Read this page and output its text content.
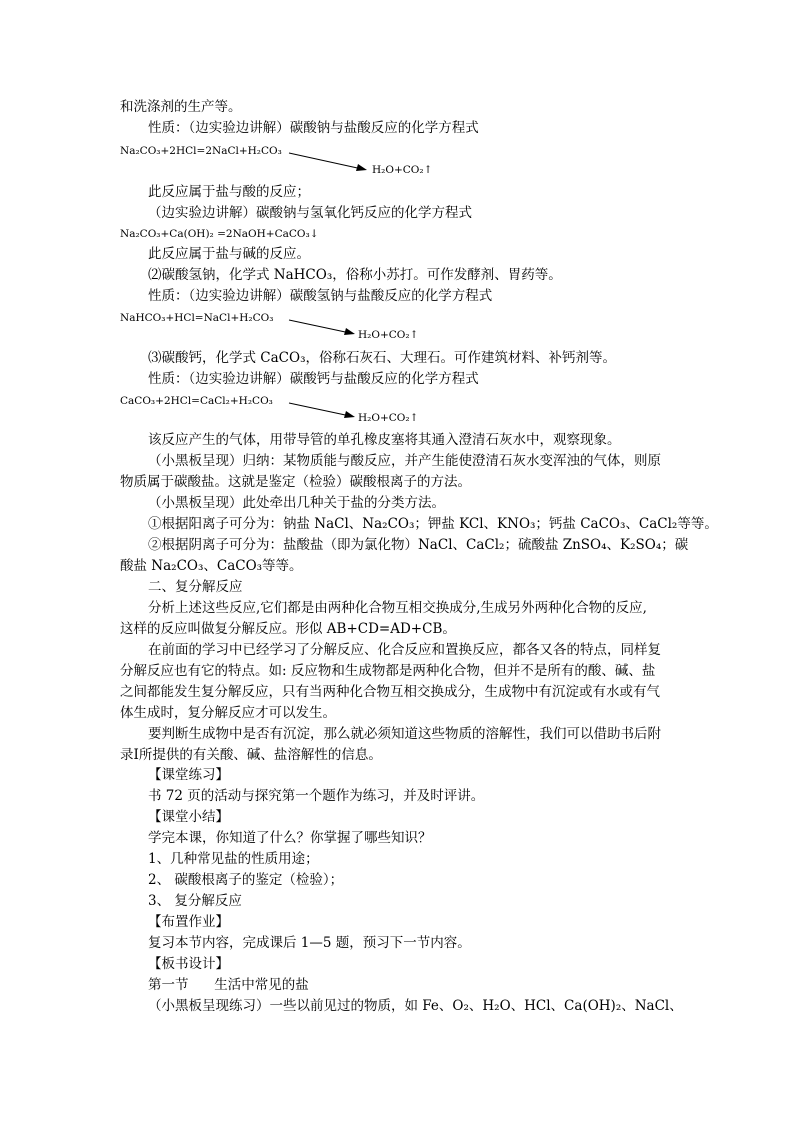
和洗涤剂的生产等。
性质：（边实验边讲解）碳酸钠与盐酸反应的化学方程式
Na₂CO₃+2HCl=2NaCl+H₂CO₃
H₂O+CO₂↑
此反应属于盐与酸的反应；
（边实验边讲解）碳酸钠与氢氧化钙反应的化学方程式
Na₂CO₃+Ca(OH)₂ =2NaOH+CaCO₃↓
此反应属于盐与碱的反应。
⑵碳酸氢钠，化学式 NaHCO₃，俗称小苏打。可作发酵剂、胃药等。
性质：（边实验边讲解）碳酸氢钠与盐酸反应的化学方程式
NaHCO₃+HCl=NaCl+H₂CO₃
H₂O+CO₂↑
⑶碳酸钙，化学式 CaCO₃，俗称石灰石、大理石。可作建筑材料、补钙剂等。
性质：（边实验边讲解）碳酸钙与盐酸反应的化学方程式
CaCO₃+2HCl=CaCl₂+H₂CO₃
H₂O+CO₂↑
该反应产生的气体，用带导管的单孔橡皮塞将其通入澄清石灰水中，观察现象。
（小黑板呈现）归纳：某物质能与酸反应，并产生能使澄清石灰水变浑浊的气体，则原
物质属于碳酸盐。这就是鉴定（检验）碳酸根离子的方法。
（小黑板呈现）此处牵出几种关于盐的分类方法。
①根据阳离子可分为：钠盐 NaCl、Na₂CO₃；钾盐 KCl、KNO₃；钙盐 CaCO₃、CaCl₂等等。
②根据阴离子可分为：盐酸盐（即为氯化物）NaCl、CaCl₂；硫酸盐 ZnSO₄、K₂SO₄；碳
酸盐 Na₂CO₃、CaCO₃等等。
二、复分解反应
分析上述这些反应,它们都是由两种化合物互相交换成分,生成另外两种化合物的反应,
这样的反应叫做复分解反应。形似 AB+CD=AD+CB。
在前面的学习中已经学习了分解反应、化合反应和置换反应，都各又各的特点，同样复
分解反应也有它的特点。如: 反应物和生成物都是两种化合物，但并不是所有的酸、碱、盐
之间都能发生复分解反应，只有当两种化合物互相交换成分，生成物中有沉淀或有水或有气
体生成时，复分解反应才可以发生。
要判断生成物中是否有沉淀，那么就必须知道这些物质的溶解性，我们可以借助书后附
录Ⅰ所提供的有关酸、碱、盐溶解性的信息。
【课堂练习】
书 72 页的活动与探究第一个题作为练习，并及时评讲。
【课堂小结】
学完本课，你知道了什么？你掌握了哪些知识？
1、几种常见盐的性质用途；
2、 碳酸根离子的鉴定（检验）；
3、 复分解反应
【布置作业】
复习本节内容，完成课后 1—5 题，预习下一节内容。
【板书设计】
第一节      生活中常见的盐
（小黑板呈现练习）一些以前见过的物质，如 Fe、O₂、H₂O、HCl、Ca(OH)₂、NaCl、
